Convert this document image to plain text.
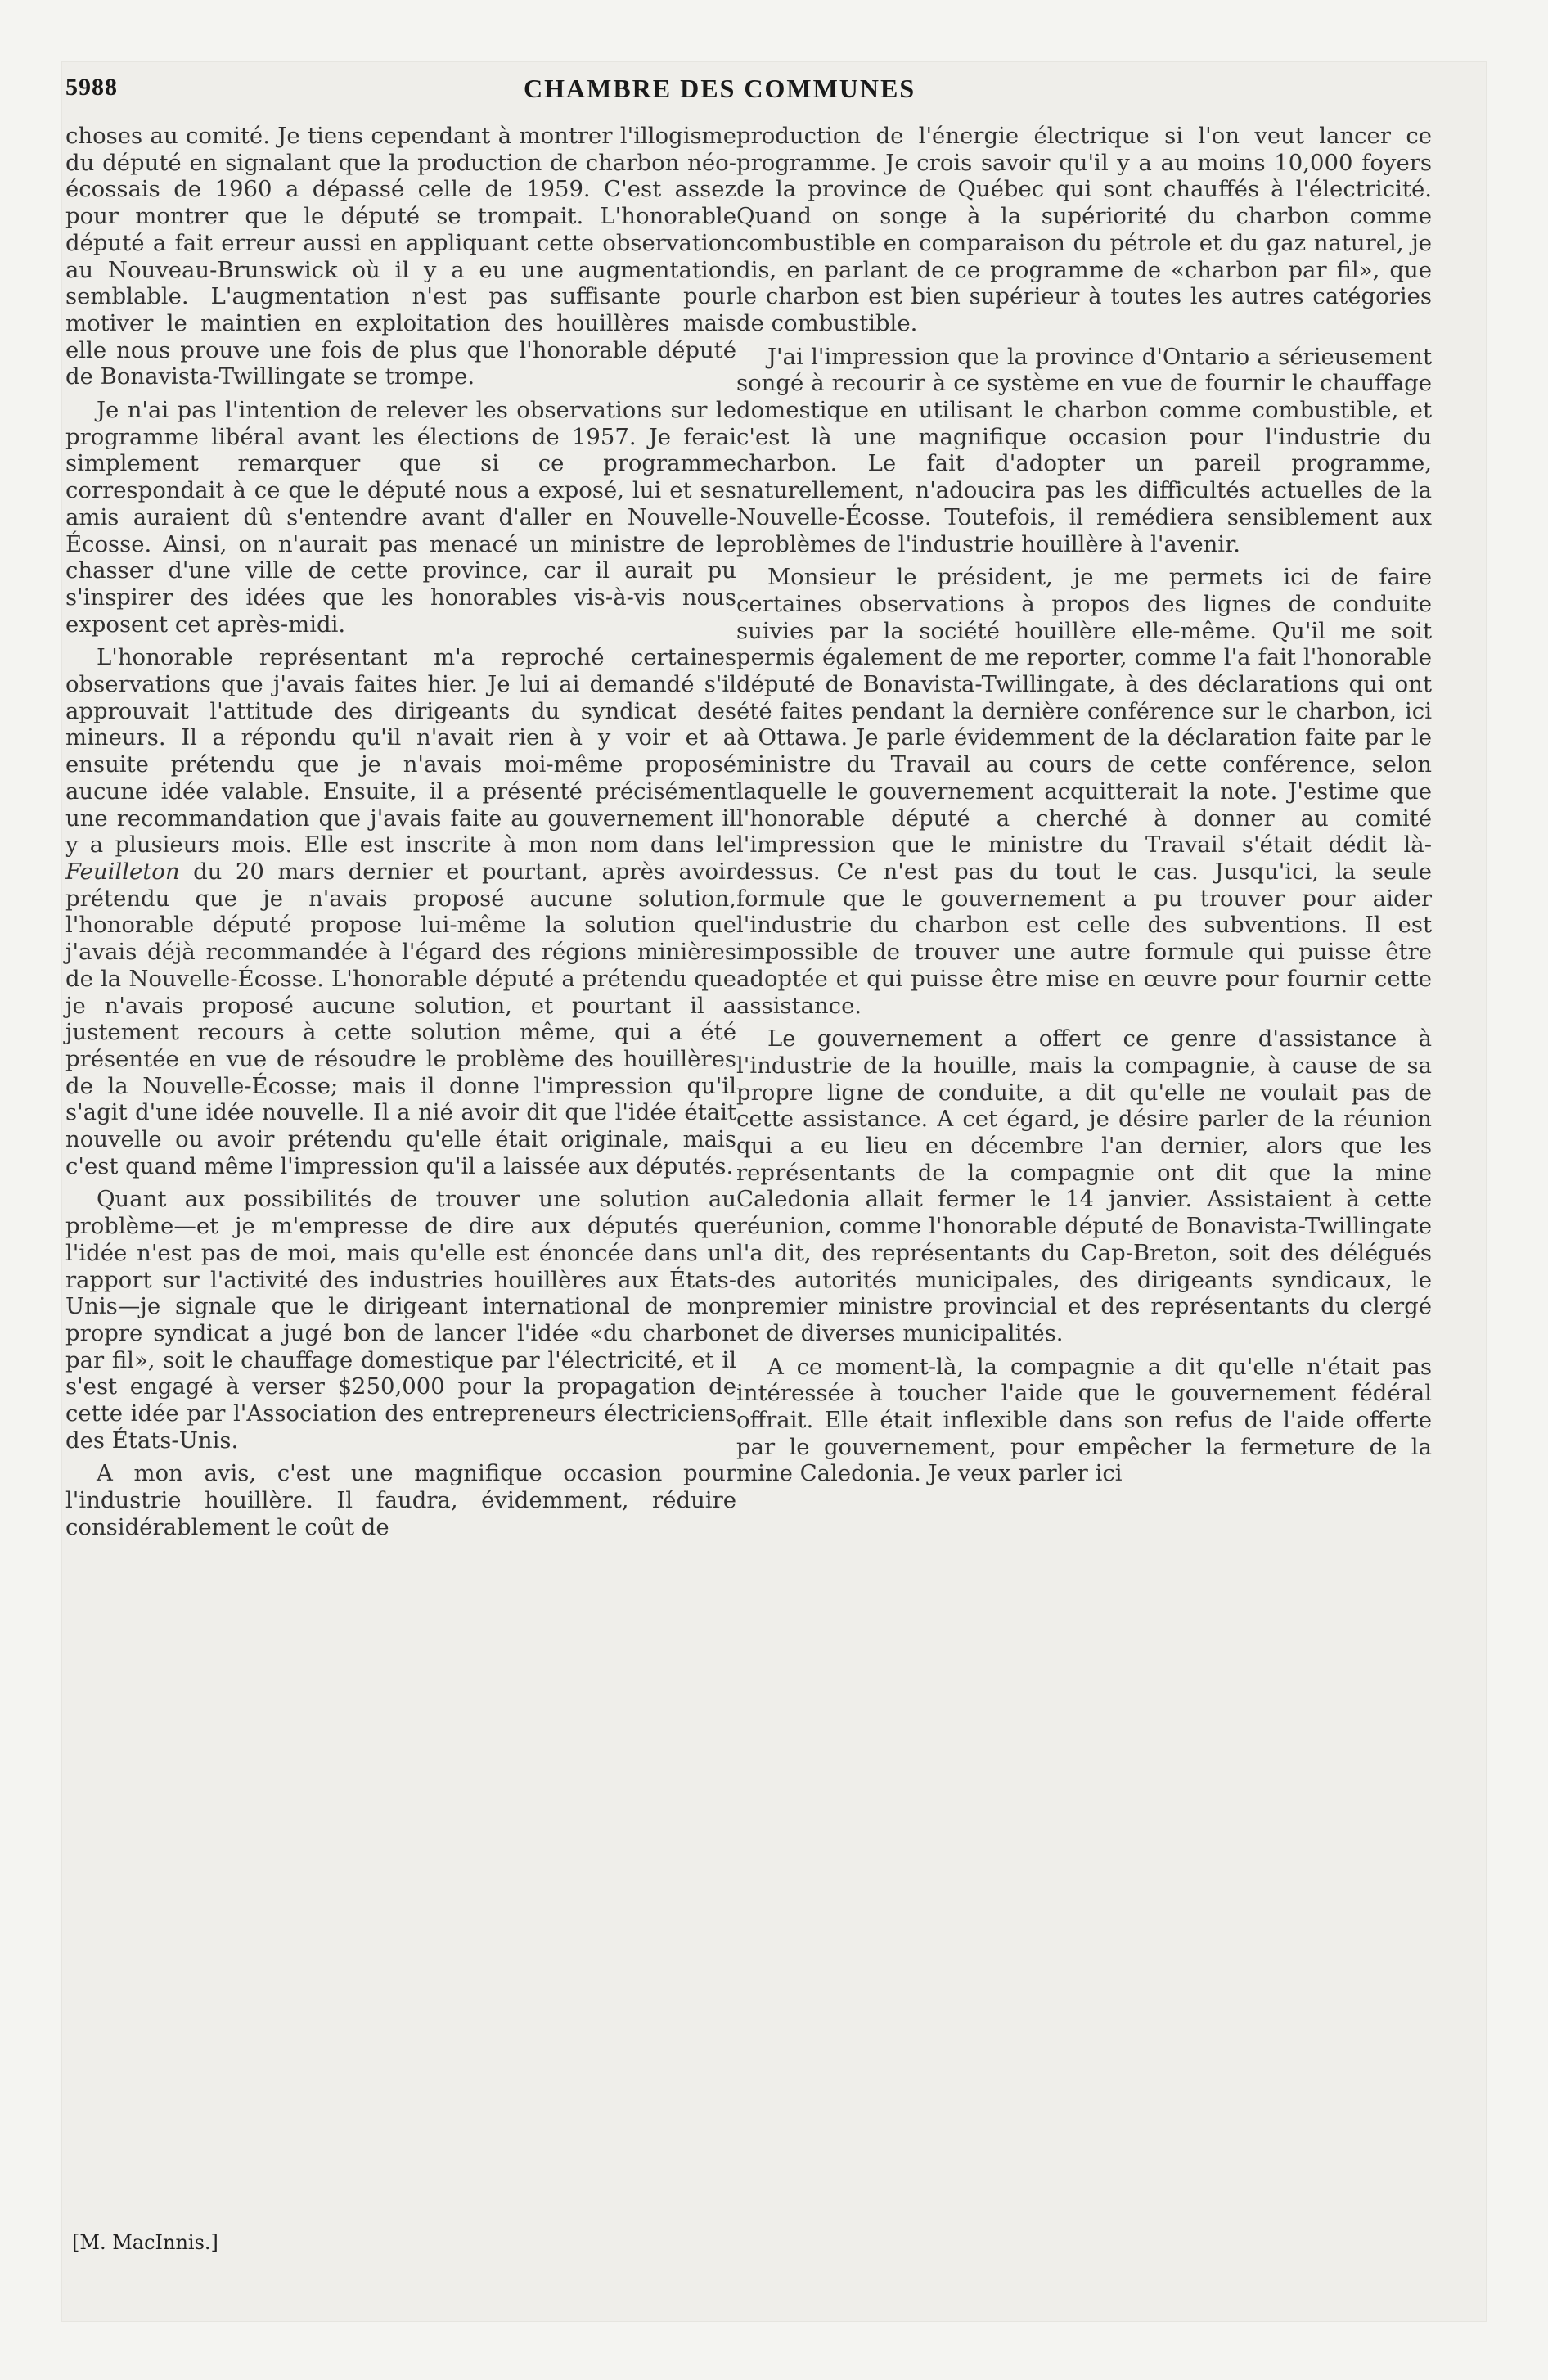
5988	CHAMBRE DES COMMUNES

choses au comité. Je tiens cependant à montrer l'illogisme du député en signalant que la production de charbon néo-écossais de 1960 a dépassé celle de 1959. C'est assez pour montrer que le député se trompait. L'honorable député a fait erreur aussi en appliquant cette observation au Nouveau-Brunswick où il y a eu une augmentation semblable. L'augmentation n'est pas suffisante pour motiver le maintien en exploitation des houillères mais elle nous prouve une fois de plus que l'honorable député de Bonavista-Twillingate se trompe.

Je n'ai pas l'intention de relever les observations sur le programme libéral avant les élections de 1957. Je ferai simplement remarquer que si ce programme correspondait à ce que le député nous a exposé, lui et ses amis auraient dû s'entendre avant d'aller en Nouvelle-Écosse. Ainsi, on n'aurait pas menacé un ministre de le chasser d'une ville de cette province, car il aurait pu s'inspirer des idées que les honorables vis-à-vis nous exposent cet après-midi.

L'honorable représentant m'a reproché certaines observations que j'avais faites hier. Je lui ai demandé s'il approuvait l'attitude des dirigeants du syndicat des mineurs. Il a répondu qu'il n'avait rien à y voir et a ensuite prétendu que je n'avais moi-même proposé aucune idée valable. Ensuite, il a présenté précisément une recommandation que j'avais faite au gouvernement il y a plusieurs mois. Elle est inscrite à mon nom dans le Feuilleton du 20 mars dernier et pourtant, après avoir prétendu que je n'avais proposé aucune solution, l'honorable député propose lui-même la solution que j'avais déjà recommandée à l'égard des régions minières de la Nouvelle-Écosse. L'honorable député a prétendu que je n'avais proposé aucune solution, et pourtant il a justement recours à cette solution même, qui a été présentée en vue de résoudre le problème des houillères de la Nouvelle-Écosse; mais il donne l'impression qu'il s'agit d'une idée nouvelle. Il a nié avoir dit que l'idée était nouvelle ou avoir prétendu qu'elle était originale, mais c'est quand même l'impression qu'il a laissée aux députés.

Quant aux possibilités de trouver une solution au problème—et je m'empresse de dire aux députés que l'idée n'est pas de moi, mais qu'elle est énoncée dans un rapport sur l'activité des industries houillères aux États-Unis—je signale que le dirigeant international de mon propre syndicat a jugé bon de lancer l'idée «du charbon par fil», soit le chauffage domestique par l'électricité, et il s'est engagé à verser $250,000 pour la propagation de cette idée par l'Association des entrepreneurs électriciens des États-Unis.

A mon avis, c'est une magnifique occasion pour l'industrie houillère. Il faudra, évidemment, réduire considérablement le coût de

production de l'énergie électrique si l'on veut lancer ce programme. Je crois savoir qu'il y a au moins 10,000 foyers de la province de Québec qui sont chauffés à l'électricité. Quand on songe à la supériorité du charbon comme combustible en comparaison du pétrole et du gaz naturel, je dis, en parlant de ce programme de «charbon par fil», que le charbon est bien supérieur à toutes les autres catégories de combustible.

J'ai l'impression que la province d'Ontario a sérieusement songé à recourir à ce système en vue de fournir le chauffage domestique en utilisant le charbon comme combustible, et c'est là une magnifique occasion pour l'industrie du charbon. Le fait d'adopter un pareil programme, naturellement, n'adoucira pas les difficultés actuelles de la Nouvelle-Écosse. Toutefois, il remédiera sensiblement aux problèmes de l'industrie houillère à l'avenir.

Monsieur le président, je me permets ici de faire certaines observations à propos des lignes de conduite suivies par la société houillère elle-même. Qu'il me soit permis également de me reporter, comme l'a fait l'honorable député de Bonavista-Twillingate, à des déclarations qui ont été faites pendant la dernière conférence sur le charbon, ici à Ottawa. Je parle évidemment de la déclaration faite par le ministre du Travail au cours de cette conférence, selon laquelle le gouvernement acquitterait la note. J'estime que l'honorable député a cherché à donner au comité l'impression que le ministre du Travail s'était dédit là-dessus. Ce n'est pas du tout le cas. Jusqu'ici, la seule formule que le gouvernement a pu trouver pour aider l'industrie du charbon est celle des subventions. Il est impossible de trouver une autre formule qui puisse être adoptée et qui puisse être mise en œuvre pour fournir cette assistance.

Le gouvernement a offert ce genre d'assistance à l'industrie de la houille, mais la compagnie, à cause de sa propre ligne de conduite, a dit qu'elle ne voulait pas de cette assistance. A cet égard, je désire parler de la réunion qui a eu lieu en décembre l'an dernier, alors que les représentants de la compagnie ont dit que la mine Caledonia allait fermer le 14 janvier. Assistaient à cette réunion, comme l'honorable député de Bonavista-Twillingate l'a dit, des représentants du Cap-Breton, soit des délégués des autorités municipales, des dirigeants syndicaux, le premier ministre provincial et des représentants du clergé et de diverses municipalités.

A ce moment-là, la compagnie a dit qu'elle n'était pas intéressée à toucher l'aide que le gouvernement fédéral offrait. Elle était inflexible dans son refus de l'aide offerte par le gouvernement, pour empêcher la fermeture de la mine Caledonia. Je veux parler ici

[M. MacInnis.]
